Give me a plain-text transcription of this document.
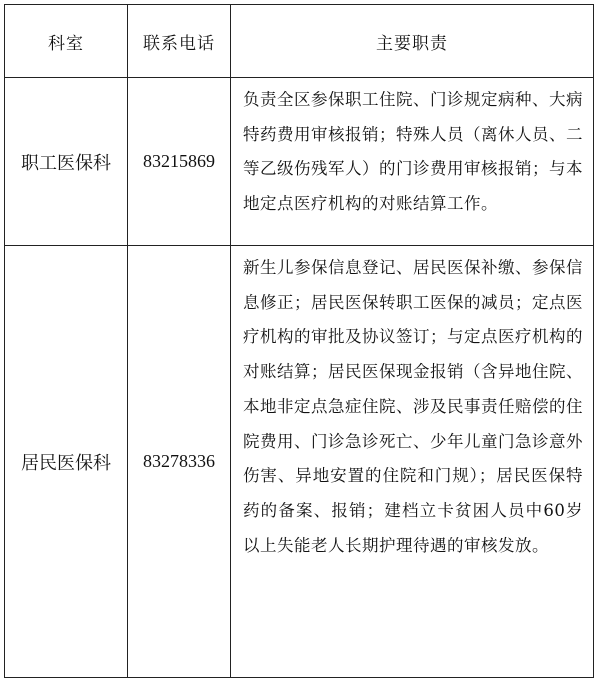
科室	联系电话	主要职责
职工医保科	83215869	负责全区参保职工住院、门诊规定病种、大病特药费用审核报销；特殊人员（离休人员、二等乙级伤残军人）的门诊费用审核报销；与本地定点医疗机构的对账结算工作。

居民医保科	83278336	新生儿参保信息登记、居民医保补缴、参保信息修正；居民医保转职工医保的减员；定点医疗机构的审批及协议签订；与定点医疗机构的对账结算；居民医保现金报销（含异地住院、本地非定点急症住院、涉及民事责任赔偿的住院费用、门诊急诊死亡、少年儿童门急诊意外伤害、异地安置的住院和门规）；居民医保特药的备案、报销；建档立卡贫困人员中60岁以上失能老人长期护理待遇的审核发放。
